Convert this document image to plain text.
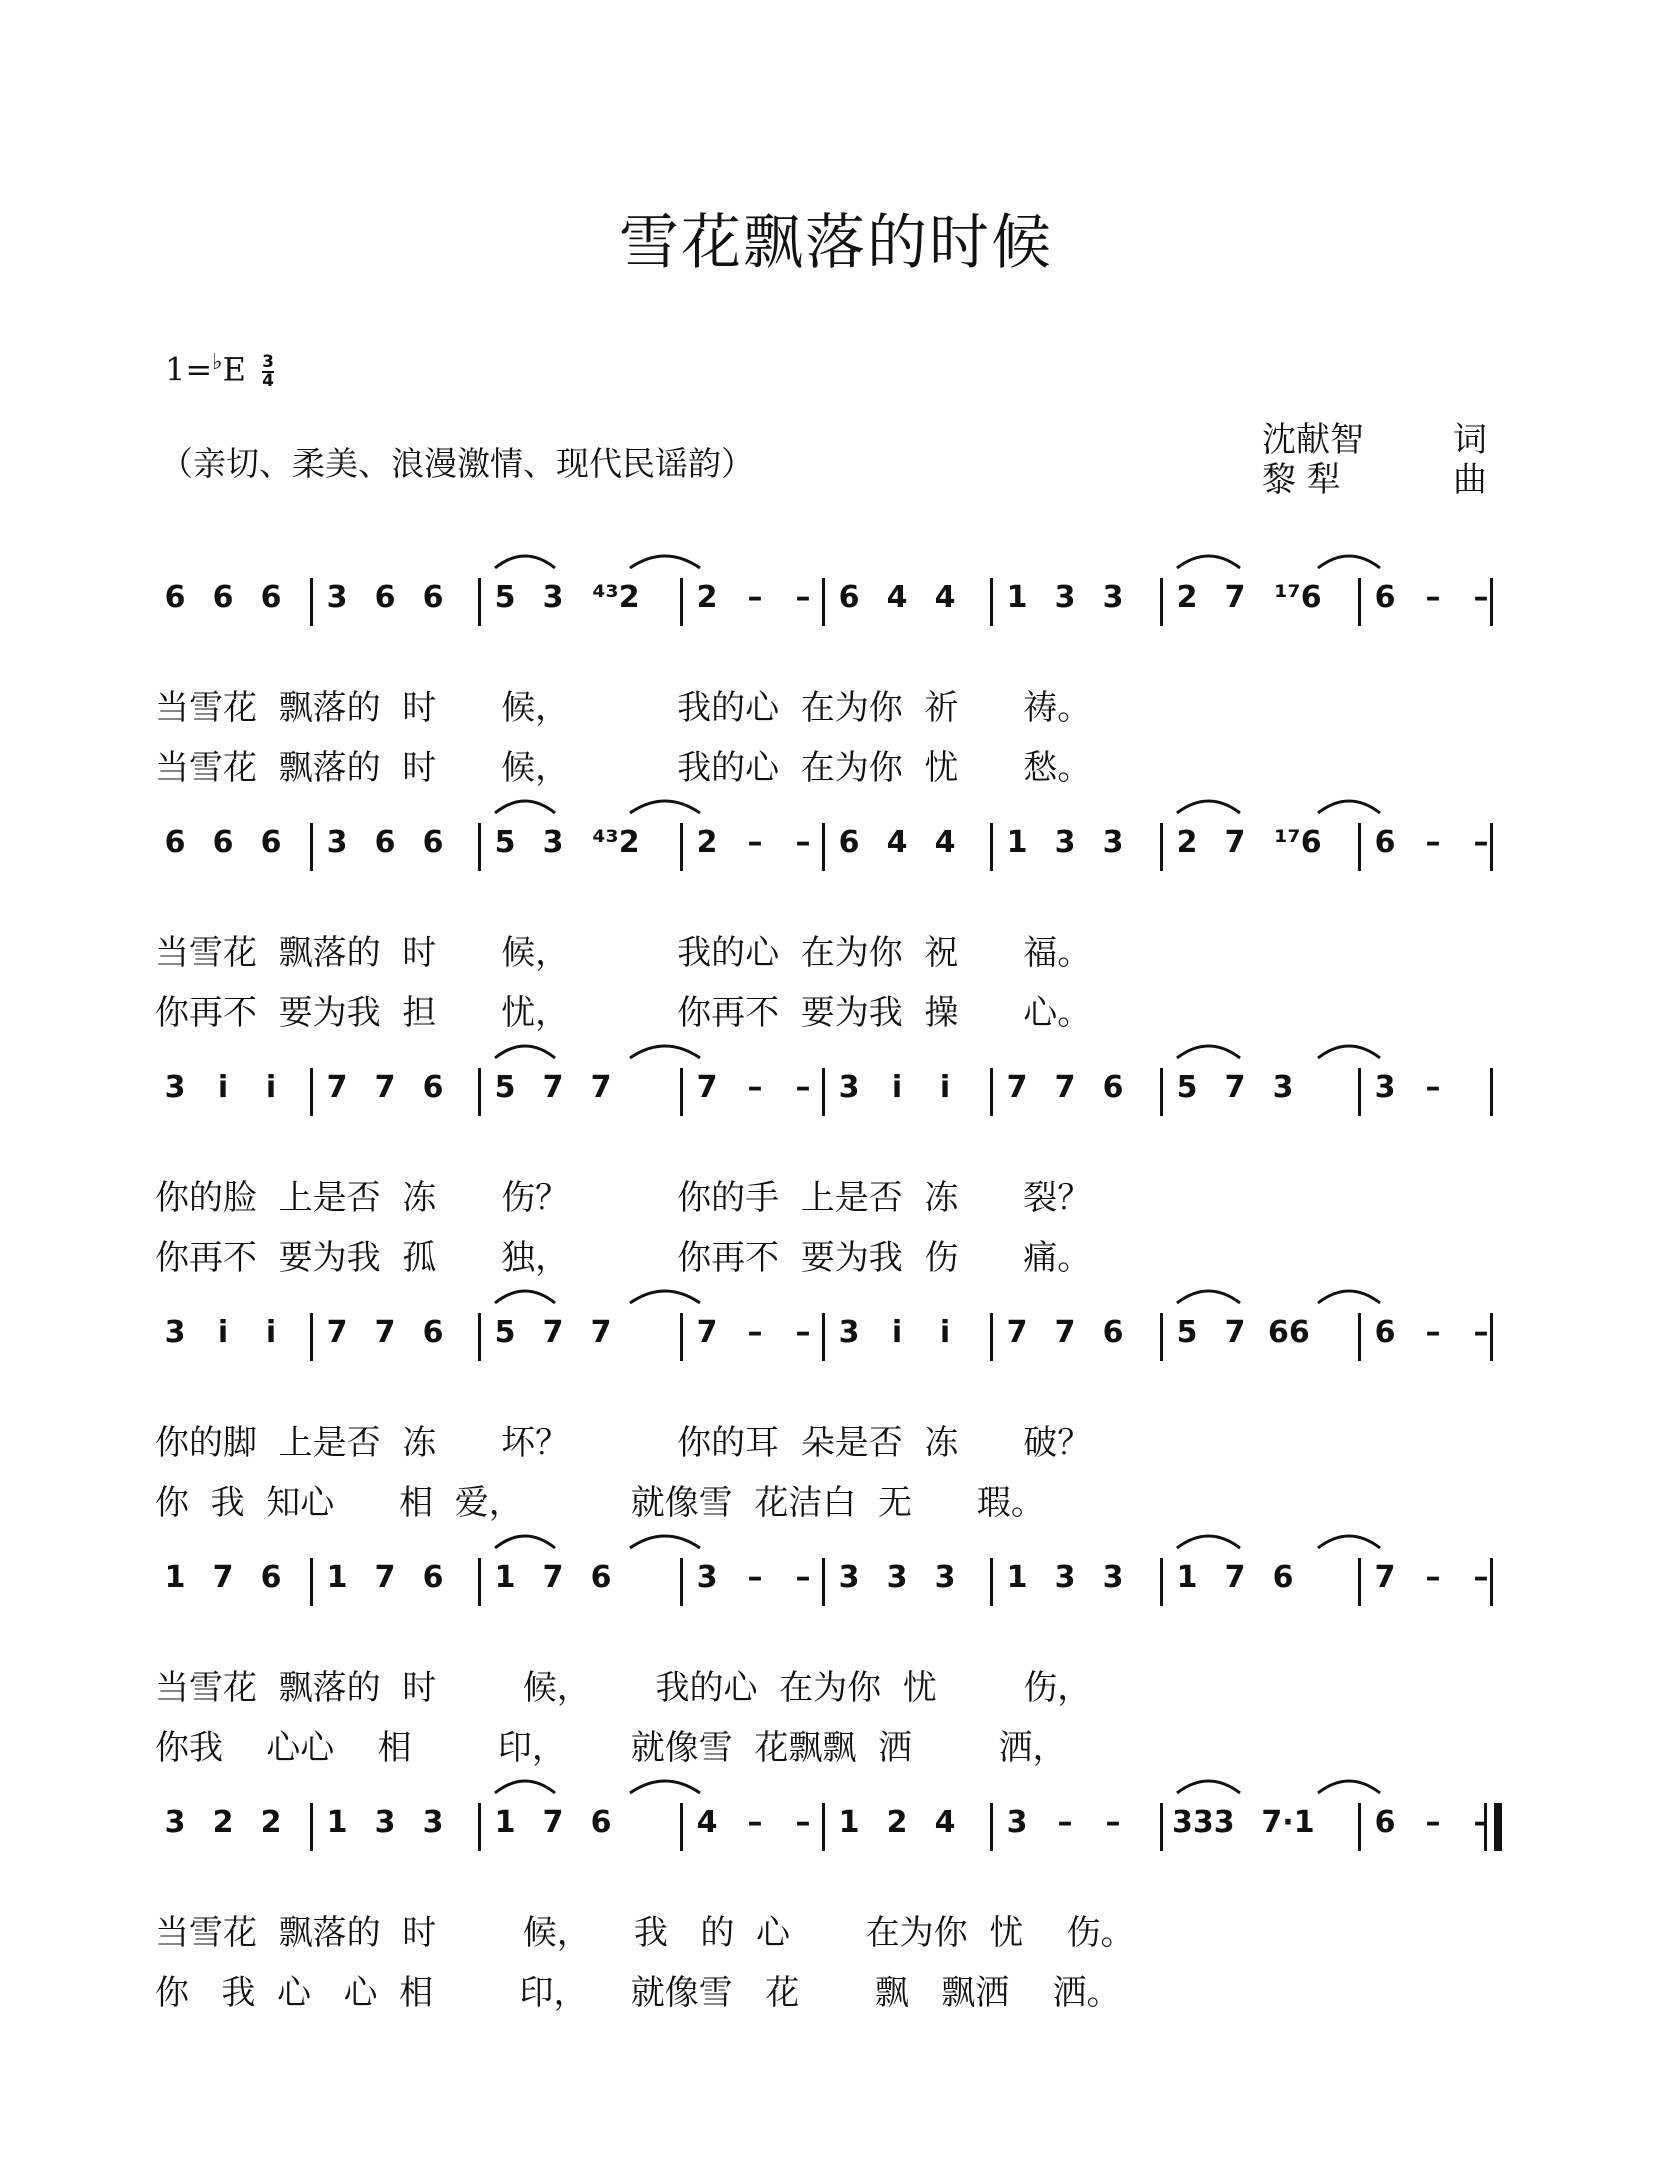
雪花飘落的时候
$1=^♭E \frac{3}{4}$
（亲切、柔美、浪漫激情、现代民谣韵）
沈献智	词
黎 犁	曲
6 6 6 3 6 6 5 3 ⁴³2 2 – – 6 4 4 1 3 3 2 7 ¹⁷6 6 – –
当雪花  飘落的  时      候，          我的心  在为你  祈      祷。
当雪花  飘落的  时      候，          我的心  在为你  忧      愁。
6 6 6 3 6 6 5 3 ⁴³2 2 – – 6 4 4 1 3 3 2 7 ¹⁷6 6 – –
当雪花  飘落的  时      候，          我的心  在为你  祝      福。
你再不  要为我  担      忧，          你再不  要为我  操      心。
3	i	i	7 7 6 5 7 7	7 – – 3	i	i	7 7 6 5 7 3	3 –
你的脸  上是否  冻      伤？          你的手  上是否  冻      裂？
你再不  要为我  孤      独，          你再不  要为我  伤      痛。
3	i	i	7 7 6 5 7 7	7 – – 3	i	i	7 7 6 5 7 66 6 – –
你的脚  上是否  冻      坏？          你的耳  朵是否  冻      破？
你  我  知心      相  爱，          就像雪  花洁白  无      瑕。
1 7 6 1 7 6 1 7 6	3 – – 3 3 3 1 3 3 1 7 6	7 – –
当雪花  飘落的  时        候，      我的心  在为你  忧        伤，
你我    心心    相        印，      就像雪  花飘飘  洒        洒，
3 2 2 1 3 3 1 7 6	4 – – 1 2 4 3 – – 333 7·1 6 – –
当雪花  飘落的  时        候，    我   的  心       在为你  忧    伤。
你   我  心   心  相        印，    就像雪   花       飘   飘洒    洒。
